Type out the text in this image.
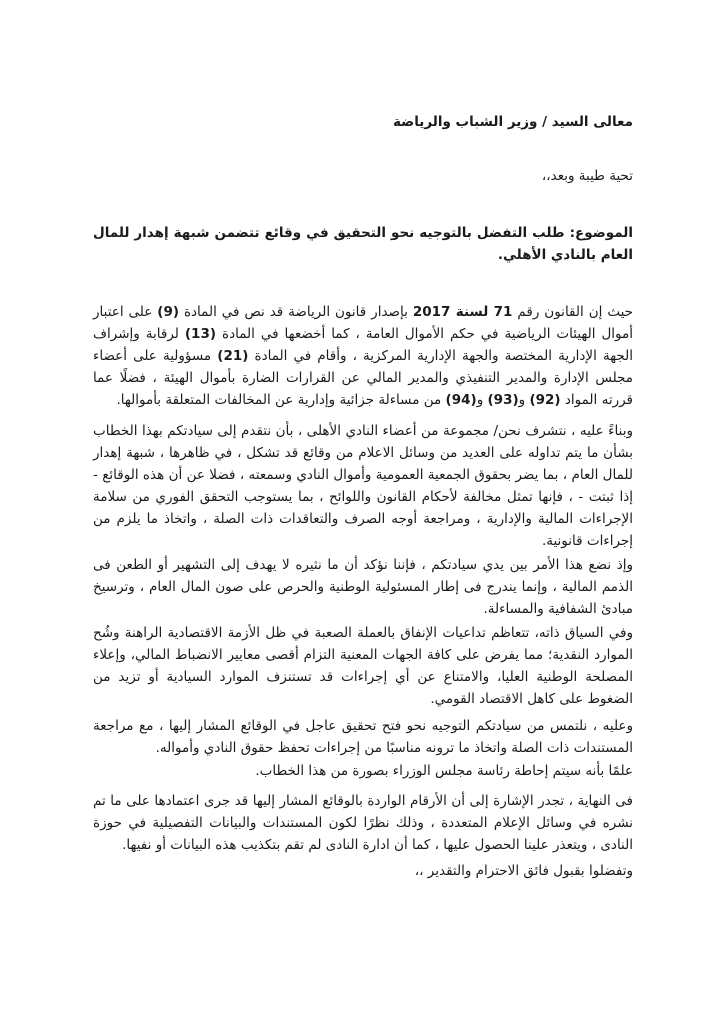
معالى السيد / وزير الشباب والرياضة

تحية طيبة وبعد،،

الموضوع: طلب التفضل بالتوجيه نحو التحقيق في وقائع تتضمن شبهة إهدار للمال العام بالنادي الأهلي.

حيث إن القانون رقم 71 لسنة 2017 بإصدار قانون الرياضة قد نص في المادة (9) على اعتبار أموال الهيئات الرياضية في حكم الأموال العامة ، كما أخضعها في المادة (13) لرقابة وإشراف الجهة الإدارية المختصة والجهة الإدارية المركزية ، وأقام في المادة (21) مسؤولية على أعضاء مجلس الإدارة والمدير التنفيذي والمدير المالي عن القرارات الضارة بأموال الهيئة ، فضلًا عما قررته المواد (92) و(93) و(94) من مساءلة جزائية وإدارية عن المخالفات المتعلقة بأموالها.

وبناءً عليه ، نتشرف نحن/ مجموعة من أعضاء النادي الأهلى ، بأن نتقدم إلى سيادتكم بهذا الخطاب بشأن ما يتم تداوله على العديد من وسائل الاعلام من وقائع قد تشكل ، في ظاهرها ، شبهة إهدار للمال العام ، بما يضر بحقوق الجمعية العمومية وأموال النادي وسمعته ، فضلا عن أن هذه الوقائع - إذا ثبتت - ، فإنها تمثل مخالفة لأحكام القانون واللوائح ، بما يستوجب التحقق الفوري من سلامة الإجراءات المالية والإدارية ، ومراجعة أوجه الصرف والتعاقدات ذات الصلة ، واتخاذ ما يلزم من إجراءات قانونية.

وإذ نضع هذا الأمر بين يدي سيادتكم ، فإننا نؤكد أن ما نثيره لا يهدف إلى التشهير أو الطعن فى الذمم المالية ، وإنما يندرج فى إطار المسئولية الوطنية والحرص على صون المال العام ، وترسيخ مبادئ الشفافية والمساءلة.

وفي السياق ذاته، تتعاظم تداعيات الإنفاق بالعملة الصعبة في ظل الأزمة الاقتصادية الراهنة وشُح الموارد النقدية؛ مما يفرض على كافة الجهات المعنية التزام أقصى معايير الانضباط المالي، وإعلاء المصلحة الوطنية العليا، والامتناع عن أي إجراءات قد تستنزف الموارد السيادية أو تزيد من الضغوط على كاهل الاقتصاد القومي.

وعليه ، نلتمس من سيادتكم التوجيه نحو فتح تحقيق عاجل في الوقائع المشار إليها ، مع مراجعة المستندات ذات الصلة واتخاذ ما ترونه مناسبًا من إجراءات تحفظ حقوق النادي وأمواله.

علمًا بأنه سيتم إحاطة رئاسة مجلس الوزراء بصورة من هذا الخطاب.

فى النهاية ، تجدر الإشارة إلى أن الأرقام الواردة بالوقائع المشار إليها قد جرى اعتمادها على ما تم نشره في وسائل الإعلام المتعددة ، وذلك نظرًا لكون المستندات والبيانات التفصيلية في حوزة النادى ، ويتعذر علينا الحصول عليها ، كما أن ادارة النادى لم تقم بتكذيب هذه البيانات أو نفيها.

وتفضلوا بقبول فائق الاحترام والتقدير ،،
